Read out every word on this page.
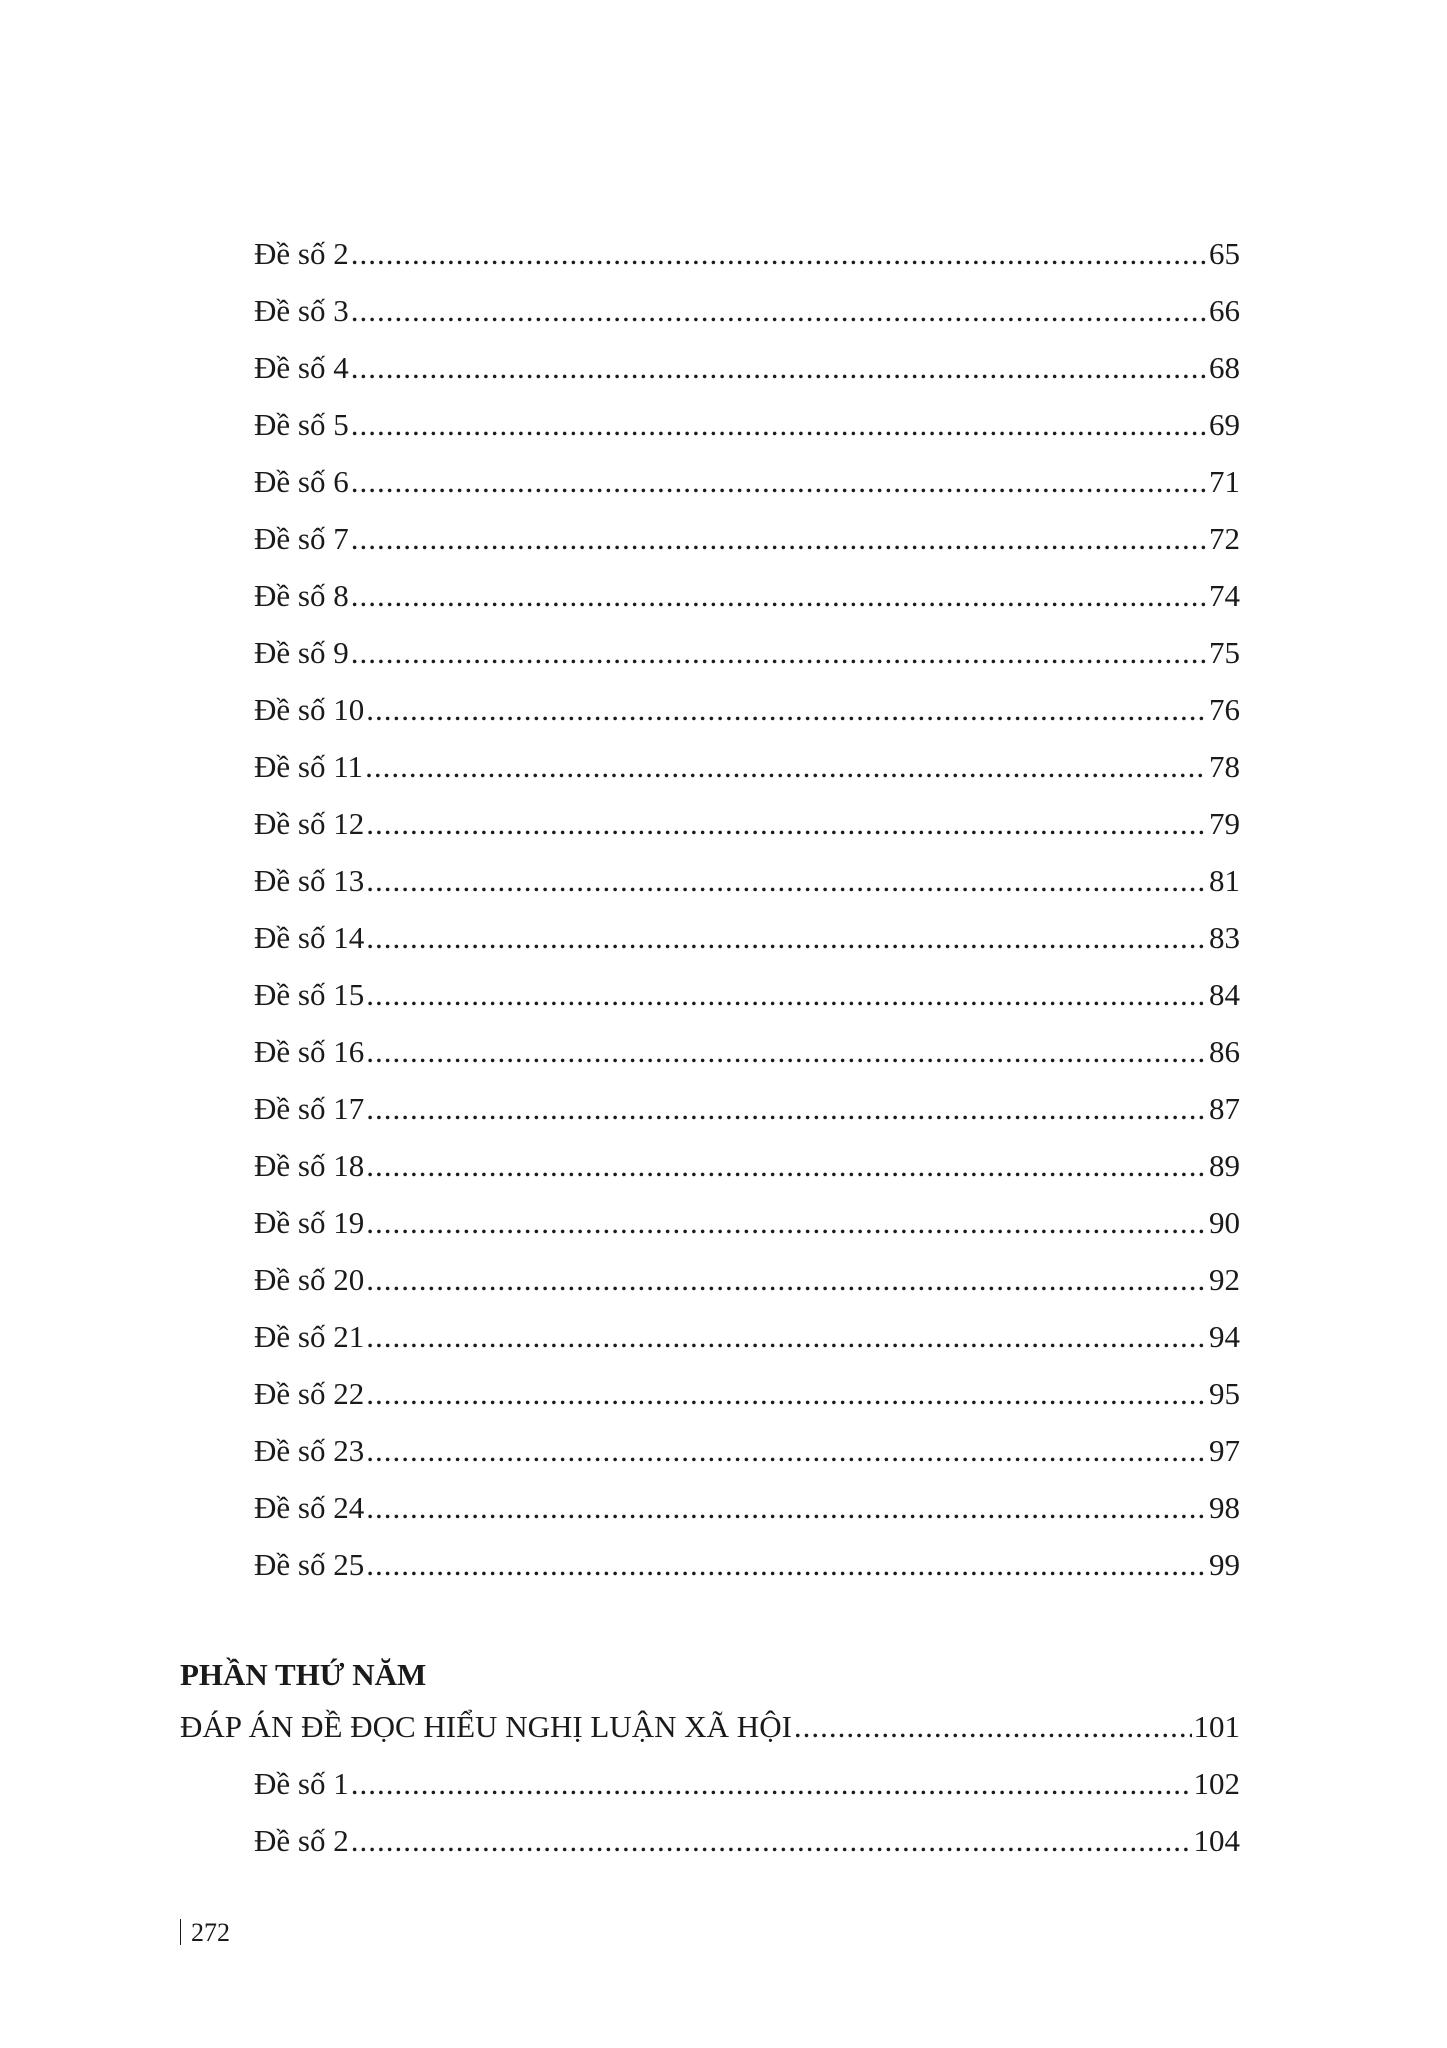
Đề số 2 .....	65
Đề số 3 .....	66
Đề số 4 .....	68
Đề số 5 .....	69
Đề số 6 .....	71
Đề số 7 .....	72
Đề số 8 .....	74
Đề số 9 .....	75
Đề số 10 .....	76
Đề số 11 .....	78
Đề số 12 .....	79
Đề số 13 .....	81
Đề số 14 .....	83
Đề số 15 .....	84
Đề số 16 .....	86
Đề số 17 .....	87
Đề số 18 .....	89
Đề số 19 .....	90
Đề số 20 .....	92
Đề số 21 .....	94
Đề số 22 .....	95
Đề số 23 .....	97
Đề số 24 .....	98
Đề số 25 .....	99
PHẦN THỨ NĂM
ĐÁP ÁN ĐỀ ĐỌC HIỂU NGHỊ LUẬN XÃ HỘI .....	101
Đề số 1 .....	102
Đề số 2 .....	104
272
